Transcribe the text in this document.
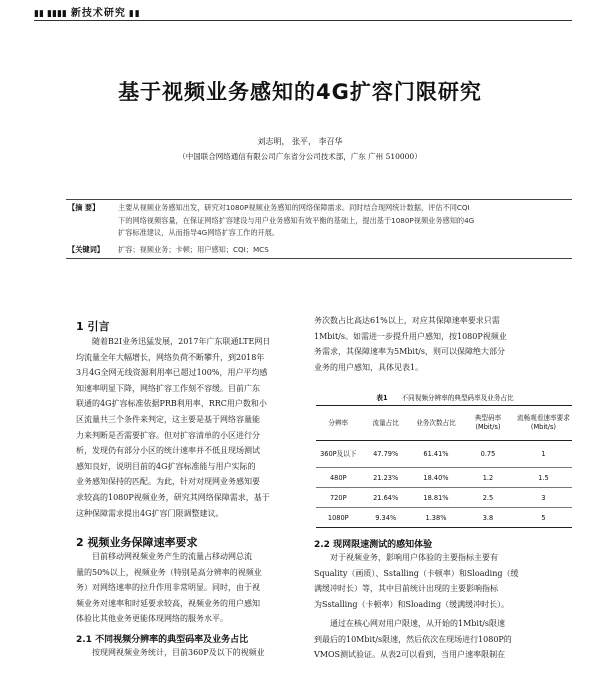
▮▮ ▮▮▮▮ 新技术研究 ▮▮
基于视频业务感知的4G扩容门限研究
刘志明， 张平， 李召华
（中国联合网络通信有限公司广东省分公司技术部，广东 广州 510000）
【摘 要】	主要从视频业务感知出发，研究对1080P视频业务感知的网络保障需求。同时结合现网统计数据，评估不同CQI
下的网络视频容量，在保证网络扩容建设与用户业务感知有效平衡的基础上，提出基于1080P视频业务感知的4G
扩容标准建议，从而指导4G网络扩容工作的开展。
【关键词】 扩容；视频业务；卡顿；用户感知；CQI；MCS
1 引言
随着B2I业务迅猛发展，2017年广东联通LTE网日
均流量全年大幅增长，网络负荷不断攀升，到2018年
3月4G全网无线资源利用率已超过100%，用户平均感
知速率明显下降，网络扩容工作刻不容缓。目前广东
联通的4G扩容标准依据PRB利用率、RRC用户数和小
区流量共三个条件来判定，这主要是基于网络容量能
力来判断是否需要扩容。但对扩容清单的小区进行分
析，发现仍有部分小区的统计速率并不低且现场测试
感知良好，说明目前的4G扩容标准能与用户实际的
业务感知保持的匹配。为此，针对对现网业务感知要
求较高的1080P视频业务，研究其网络保障需求，基于
这种保障需求提出4G扩容门限调整建议。
2 视频业务保障速率要求
目前移动网视频业务产生的流量占移动网总流
量的50%以上，视频业务（特别是高分辨率的视频业
务）对网络速率的拉升作用非常明显。同时，由于视
频业务对速率和时延要求较高，视频业务的用户感知
体验比其他业务更能体现网络的服务水平。
2.1 不同视频分辨率的典型码率及业务占比
按现网视频业务统计，目前360P及以下的视频业
务次数占比高达61%以上，对应其保障速率要求只需
1Mbit/s。如需进一步提升用户感知，按1080P视频业
务需求，其保障速率为5Mbit/s，则可以保障绝大部分
业务的用户感知，具体见表1。
表1 不同视频分辨率的典型码率及业务占比
分辨率	流量占比	业务次数占比	典型码率(Mbit/s)	流畅观看速率要求(Mbit/s)
360P及以下	47.79%	61.41%	0.75	1
480P	21.23%	18.40%	1.2	1.5
720P	21.64%	18.81%	2.5	3
1080P	9.34%	1.38%	3.8	5
2.2 现网限速测试的感知体验
对于视频业务，影响用户体验的主要指标主要有
Squality（画质）、Sstalling（卡顿率）和Sloading（缓
满缓冲时长）等，其中目前统计出现的主要影响指标
为Sstalling（卡顿率）和Sloading（缓满缓冲时长）。
通过在核心网对用户限速，从开始的1Mbit/s限速
到最后的10Mbit/s限速，然后依次在现场进行1080P的
VMOS测试验证。从表2可以看到，当用户速率限制在
